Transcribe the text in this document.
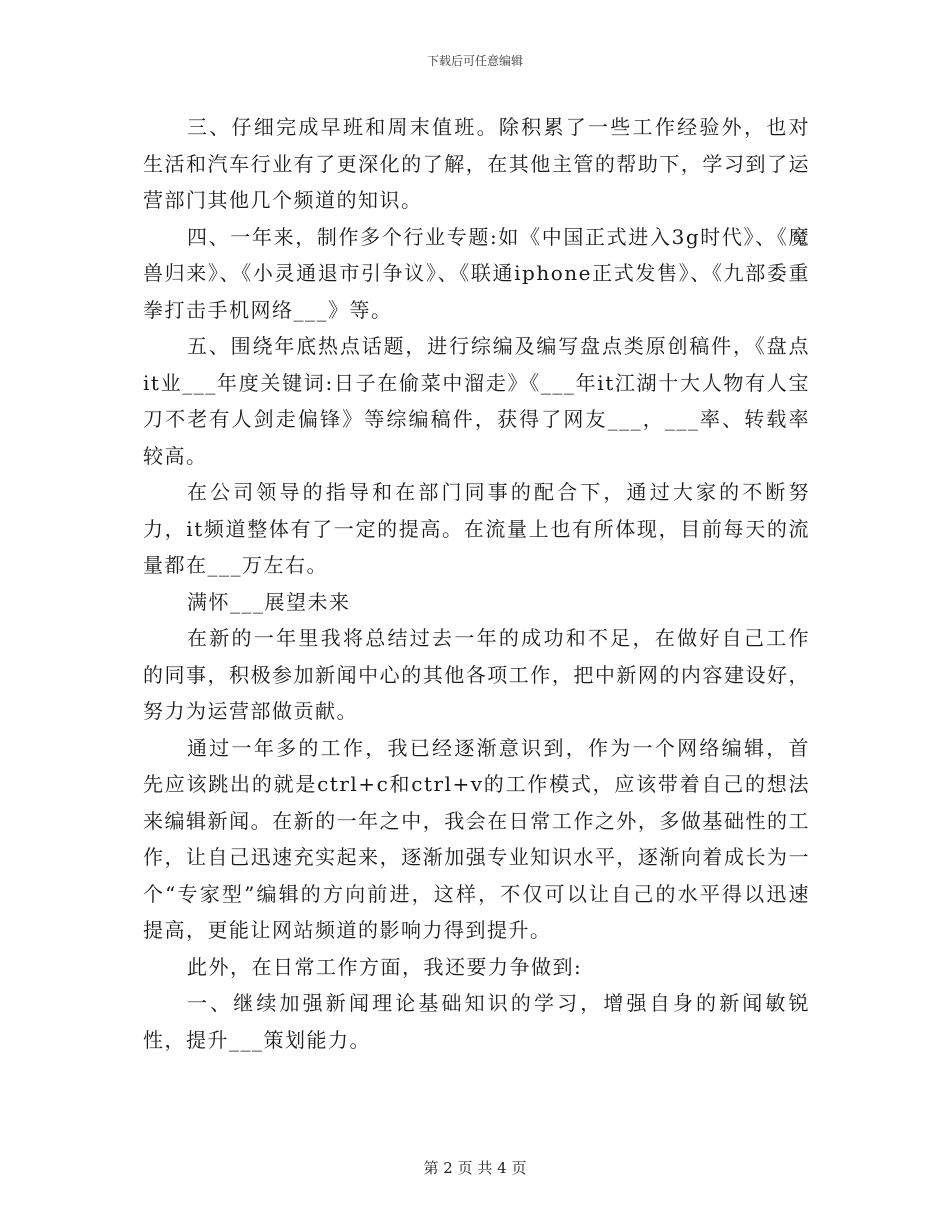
下载后可任意编辑

三、仔细完成早班和周末值班。除积累了一些工作经验外，也对生活和汽车行业有了更深化的了解，在其他主管的帮助下，学习到了运营部门其他几个频道的知识。

四、一年来，制作多个行业专题:如《中国正式进入3g时代》、《魔兽归来》、《小灵通退市引争议》、《联通iphone正式发售》、《九部委重拳打击手机网络___》等。

五、围绕年底热点话题，进行综编及编写盘点类原创稿件，《盘点it业___年度关键词:日子在偷菜中溜走》《___年it江湖十大人物有人宝刀不老有人剑走偏锋》等综编稿件，获得了网友___，___率、转载率较高。

在公司领导的指导和在部门同事的配合下，通过大家的不断努力，it频道整体有了一定的提高。在流量上也有所体现，目前每天的流量都在___万左右。

满怀___展望未来

在新的一年里我将总结过去一年的成功和不足，在做好自己工作的同事，积极参加新闻中心的其他各项工作，把中新网的内容建设好，努力为运营部做贡献。

通过一年多的工作，我已经逐渐意识到，作为一个网络编辑，首先应该跳出的就是ctrl+c和ctrl+v的工作模式，应该带着自己的想法来编辑新闻。在新的一年之中，我会在日常工作之外，多做基础性的工作，让自己迅速充实起来，逐渐加强专业知识水平，逐渐向着成长为一个“专家型”编辑的方向前进，这样，不仅可以让自己的水平得以迅速提高，更能让网站频道的影响力得到提升。

此外，在日常工作方面，我还要力争做到:

一、继续加强新闻理论基础知识的学习，增强自身的新闻敏锐性，提升___策划能力。

第 2 页 共 4 页
